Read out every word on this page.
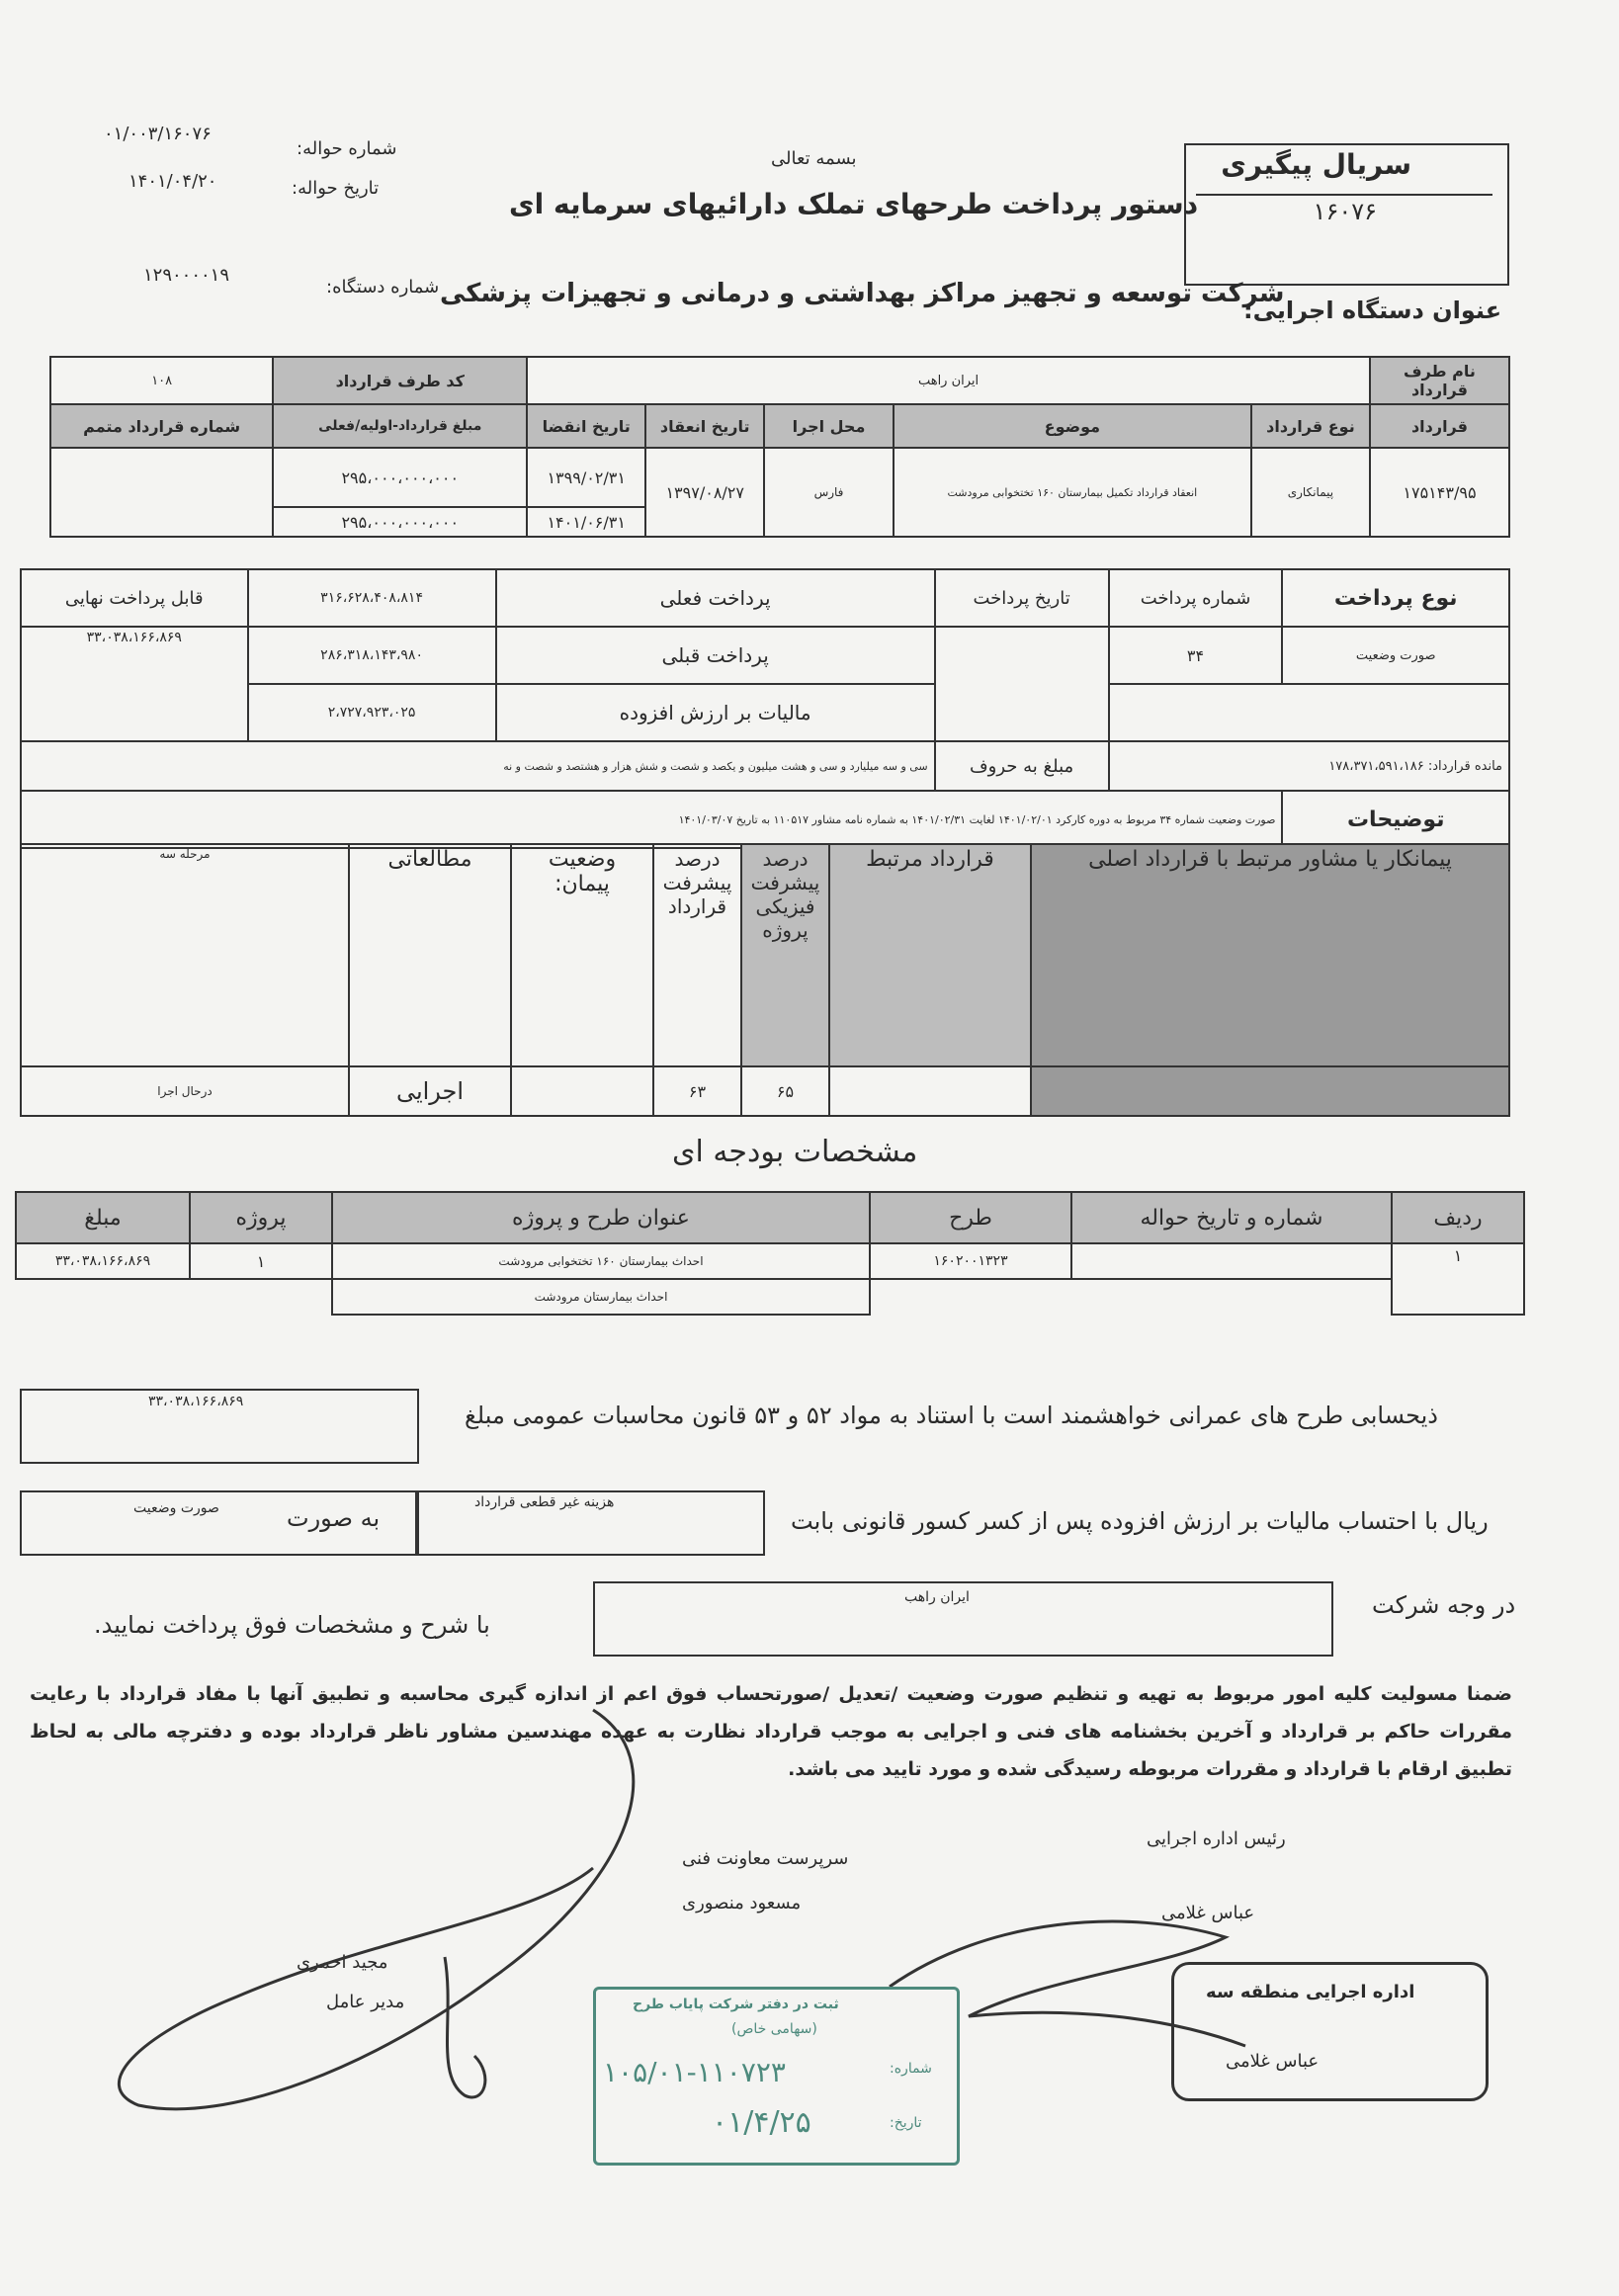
سریال پیگیری
۱۶۰۷۶
بسمه تعالی
دستور پرداخت طرحهای تملک دارائیهای سرمایه ای
شماره حواله:
۰۱/۰۰۳/۱۶۰۷۶
تاریخ حواله:
۱۴۰۱/۰۴/۲۰
شماره دستگاه:
۱۲۹۰۰۰۰۱۹
عنوان دستگاه اجرایی:
شرکت توسعه و تجهیز مراکز بهداشتی و درمانی و تجهیزات پزشکی
نام طرف قرارداد	ایران راهب					کد طرف قرارداد	۱۰۸
قرارداد	نوع قرارداد	موضوع	محل اجرا	تاریخ انعقاد	تاریخ انقضا	مبلغ قرارداد-اولیه/فعلی	شماره قرارداد متمم
۱۷۵۱۴۳/۹۵	پیمانکاری	انعقاد قرارداد تکمیل بیمارستان ۱۶۰ تختخوابی مرودشت	فارس	۱۳۹۷/۰۸/۲۷	۱۳۹۹/۰۲/۳۱	۲۹۵،۰۰۰،۰۰۰،۰۰۰	
					۱۴۰۱/۰۶/۳۱	۲۹۵،۰۰۰،۰۰۰،۰۰۰	
نوع پرداخت	شماره پرداخت	تاریخ پرداخت	پرداخت فعلی	۳۱۶،۶۲۸،۴۰۸،۸۱۴	قابل پرداخت نهایی
صورت وضعیت	۳۴		پرداخت قبلی	۲۸۶،۳۱۸،۱۴۳،۹۸۰	۳۳،۰۳۸،۱۶۶،۸۶۹
			مالیات بر ارزش افزوده	۲،۷۲۷،۹۲۳،۰۲۵	
مانده قرارداد: ۱۷۸،۳۷۱،۵۹۱،۱۸۶		مبلغ به حروف	سی و سه میلیارد و سی و هشت میلیون و یکصد و شصت و شش هزار و هشتصد و شصت و نه		
توضیحات	صورت وضعیت شماره ۳۴ مربوط به دوره کارکرد ۱۴۰۱/۰۲/۰۱ لغایت ۱۴۰۱/۰۲/۳۱ به شماره نامه مشاور ۱۱۰۵۱۷ به تاریخ ۱۴۰۱/۰۳/۰۷				
پیمانکار یا مشاور مرتبط با قرارداد اصلی	قرارداد مرتبط	درصد پیشرفت فیزیکی پروژه	درصد پیشرفت قرارداد	وضعیت پیمان:	مطالعاتی	مرحله سه
		۶۵	۶۳		اجرایی	درحال اجرا
مشخصات بودجه ای
ردیف	شماره و تاریخ حواله	طرح	عنوان طرح و پروژه	پروژه	مبلغ
۱		۱۶۰۲۰۰۱۳۲۳	احداث بیمارستان ۱۶۰ تختخوابی مرودشت	۱	۳۳،۰۳۸،۱۶۶،۸۶۹
			احداث بیمارستان مرودشت		
ذیحسابی طرح های عمرانی خواهشمند است با استناد به مواد ۵۲ و ۵۳ قانون محاسبات عمومی مبلغ
۳۳،۰۳۸،۱۶۶،۸۶۹
ریال با احتساب مالیات بر ارزش افزوده پس از کسر کسور قانونی بابت
هزینه غیر قطعی قرارداد
به صورت
صورت وضعیت
در وجه شرکت
ایران راهب
با شرح و مشخصات فوق پرداخت نمایید.
ضمنا مسولیت کلیه امور مربوط به تهیه و تنظیم صورت وضعیت /تعدیل /صورتحساب فوق اعم از اندازه گیری محاسبه و تطبیق آنها با مفاد قرارداد با رعایت مقررات حاکم بر قرارداد و آخرین بخشنامه های فنی و اجرایی به موجب قرارداد نظارت به عهده مهندسین مشاور ناظر قرارداد بوده و دفترچه مالی به لحاظ تطبیق ارقام با قرارداد و مقررات مربوطه رسیدگی شده و مورد تایید می باشد.
رئیس اداره اجرایی
عباس غلامی
سرپرست معاونت فنی
مسعود منصوری
مجید احمری
مدیر عامل	اداره اجرایی منطقه سه
عباس غلامی
ثبت در دفتر شرکت پایاب طرح
(سهامی خاص)
شماره:
۱۰۵/۰۱-۱۱۰۷۲۳
تاریخ:
۰۱/۴/۲۵
